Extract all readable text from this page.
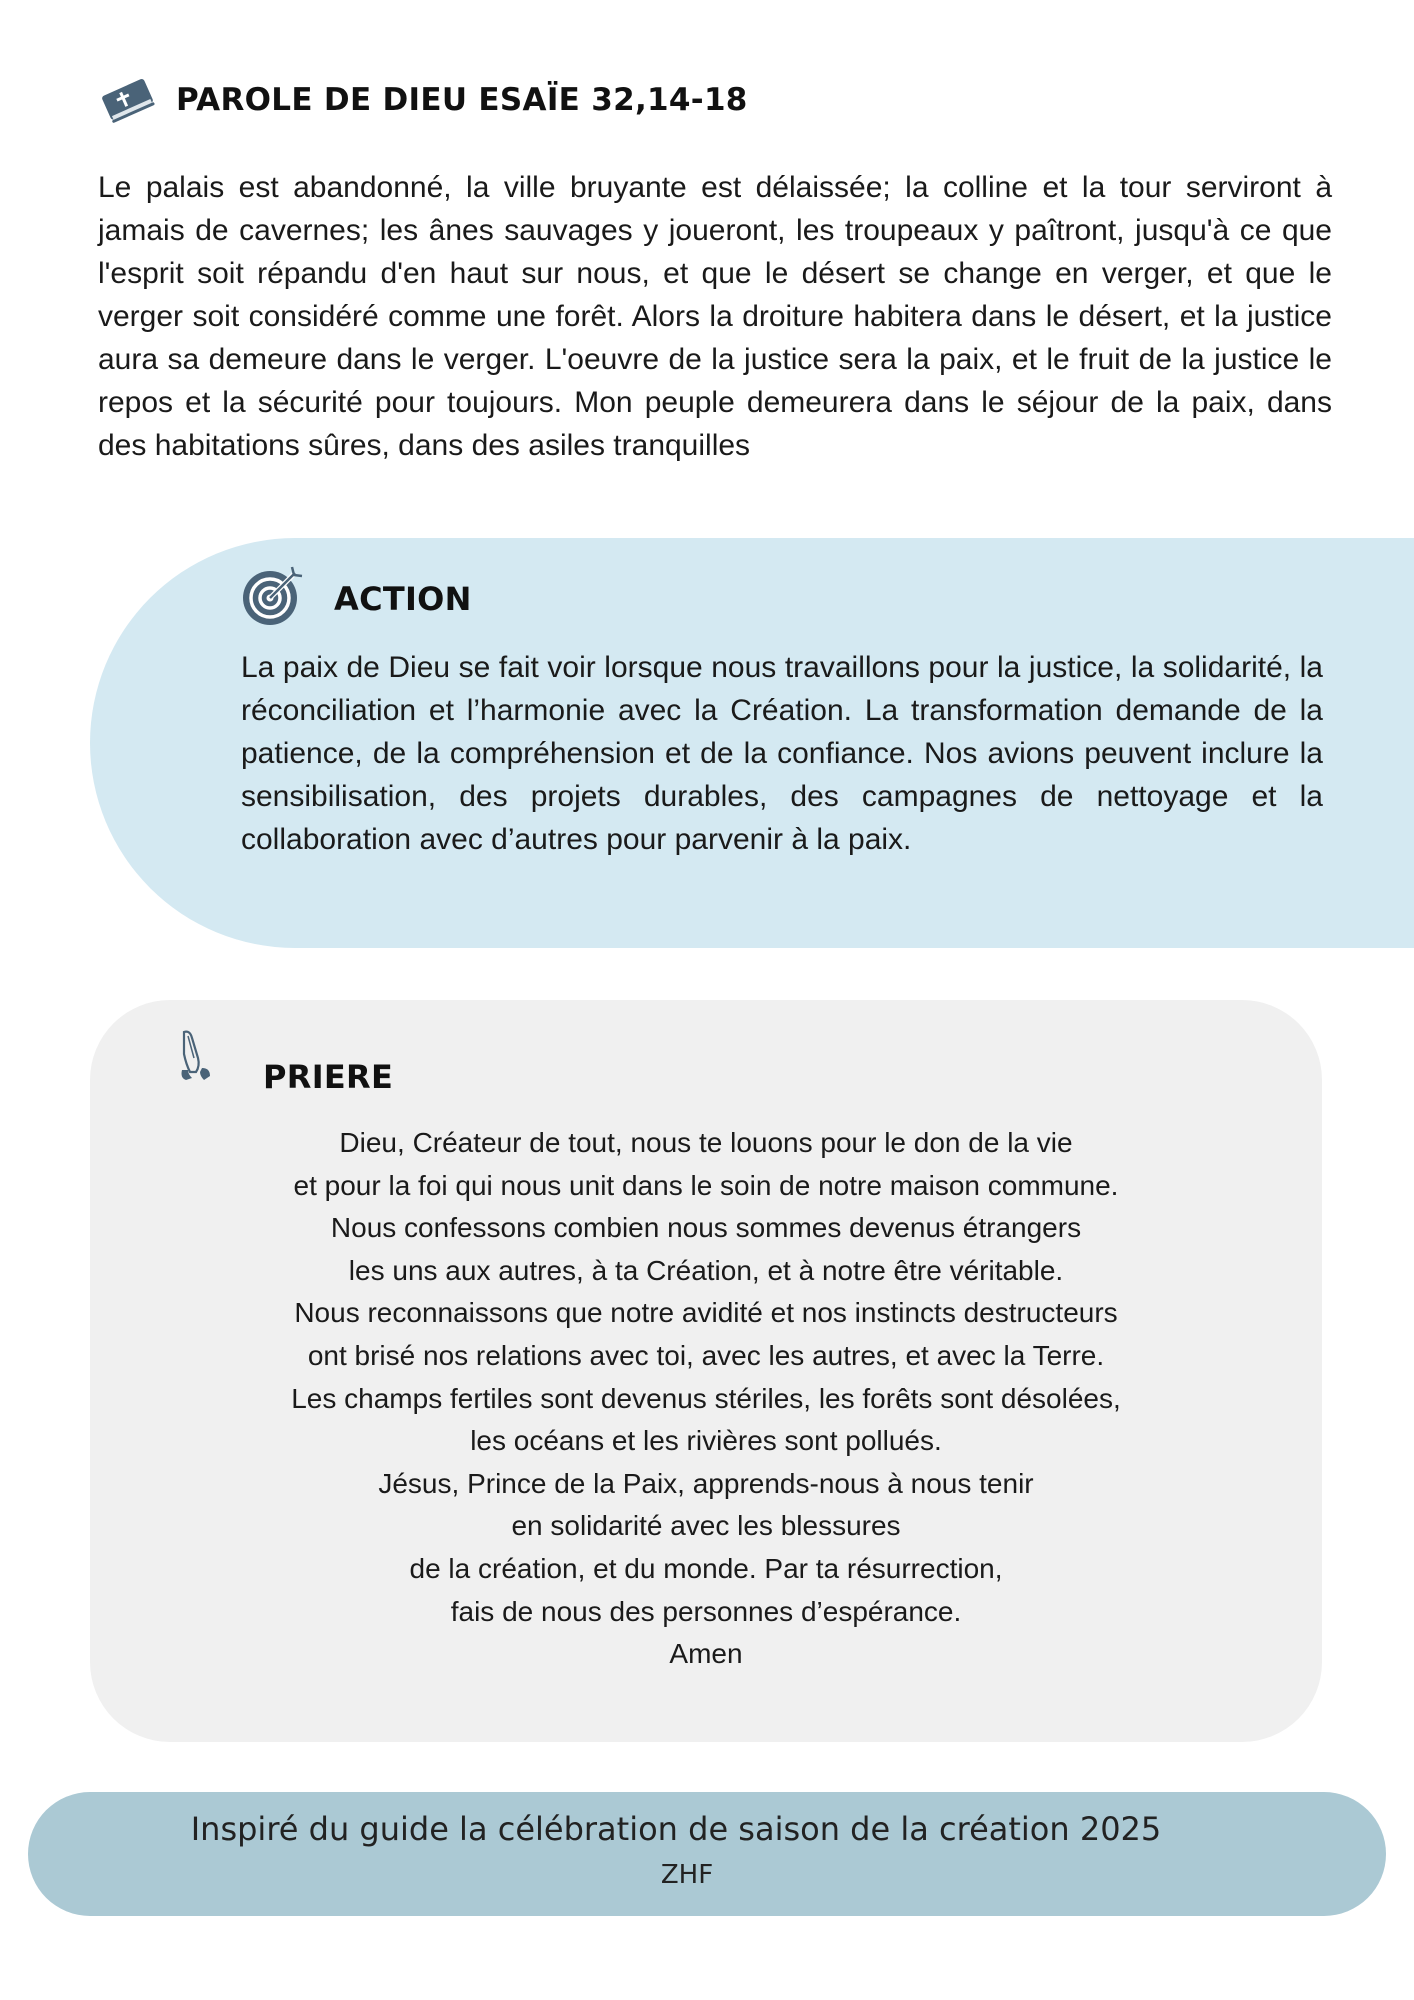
PAROLE DE DIEU ESAÏE 32,14-18

Le palais est abandonné, la ville bruyante est délaissée; la colline et la tour serviront à jamais de cavernes; les ânes sauvages y joueront, les troupeaux y paîtront, jusqu'à ce que l'esprit soit répandu d'en haut sur nous, et que le désert se change en verger, et que le verger soit considéré comme une forêt. Alors la droiture habitera dans le désert, et la justice aura sa demeure dans le verger. L'oeuvre de la justice sera la paix, et le fruit de la justice le repos et la sécurité pour toujours. Mon peuple demeurera dans le séjour de la paix, dans des habitations sûres, dans des asiles tranquilles

ACTION

La paix de Dieu se fait voir lorsque nous travaillons pour la justice, la solidarité, la réconciliation et l’harmonie avec la Création. La transformation demande de la patience, de la compréhension et de la confiance. Nos avions peuvent inclure la sensibilisation, des projets durables, des campagnes de nettoyage et la collaboration avec d’autres pour parvenir à la paix.

PRIERE
Dieu, Créateur de tout, nous te louons pour le don de la vie
et pour la foi qui nous unit dans le soin de notre maison commune.
Nous confessons combien nous sommes devenus étrangers
les uns aux autres, à ta Création, et à notre être véritable.
Nous reconnaissons que notre avidité et nos instincts destructeurs
ont brisé nos relations avec toi, avec les autres, et avec la Terre.
Les champs fertiles sont devenus stériles, les forêts sont désolées,
les océans et les rivières sont pollués.
Jésus, Prince de la Paix, apprends-nous à nous tenir
en solidarité avec les blessures
de la création, et du monde. Par ta résurrection,
fais de nous des personnes d’espérance.
Amen
Inspiré du guide la célébration de saison de la création 2025
ZHF
